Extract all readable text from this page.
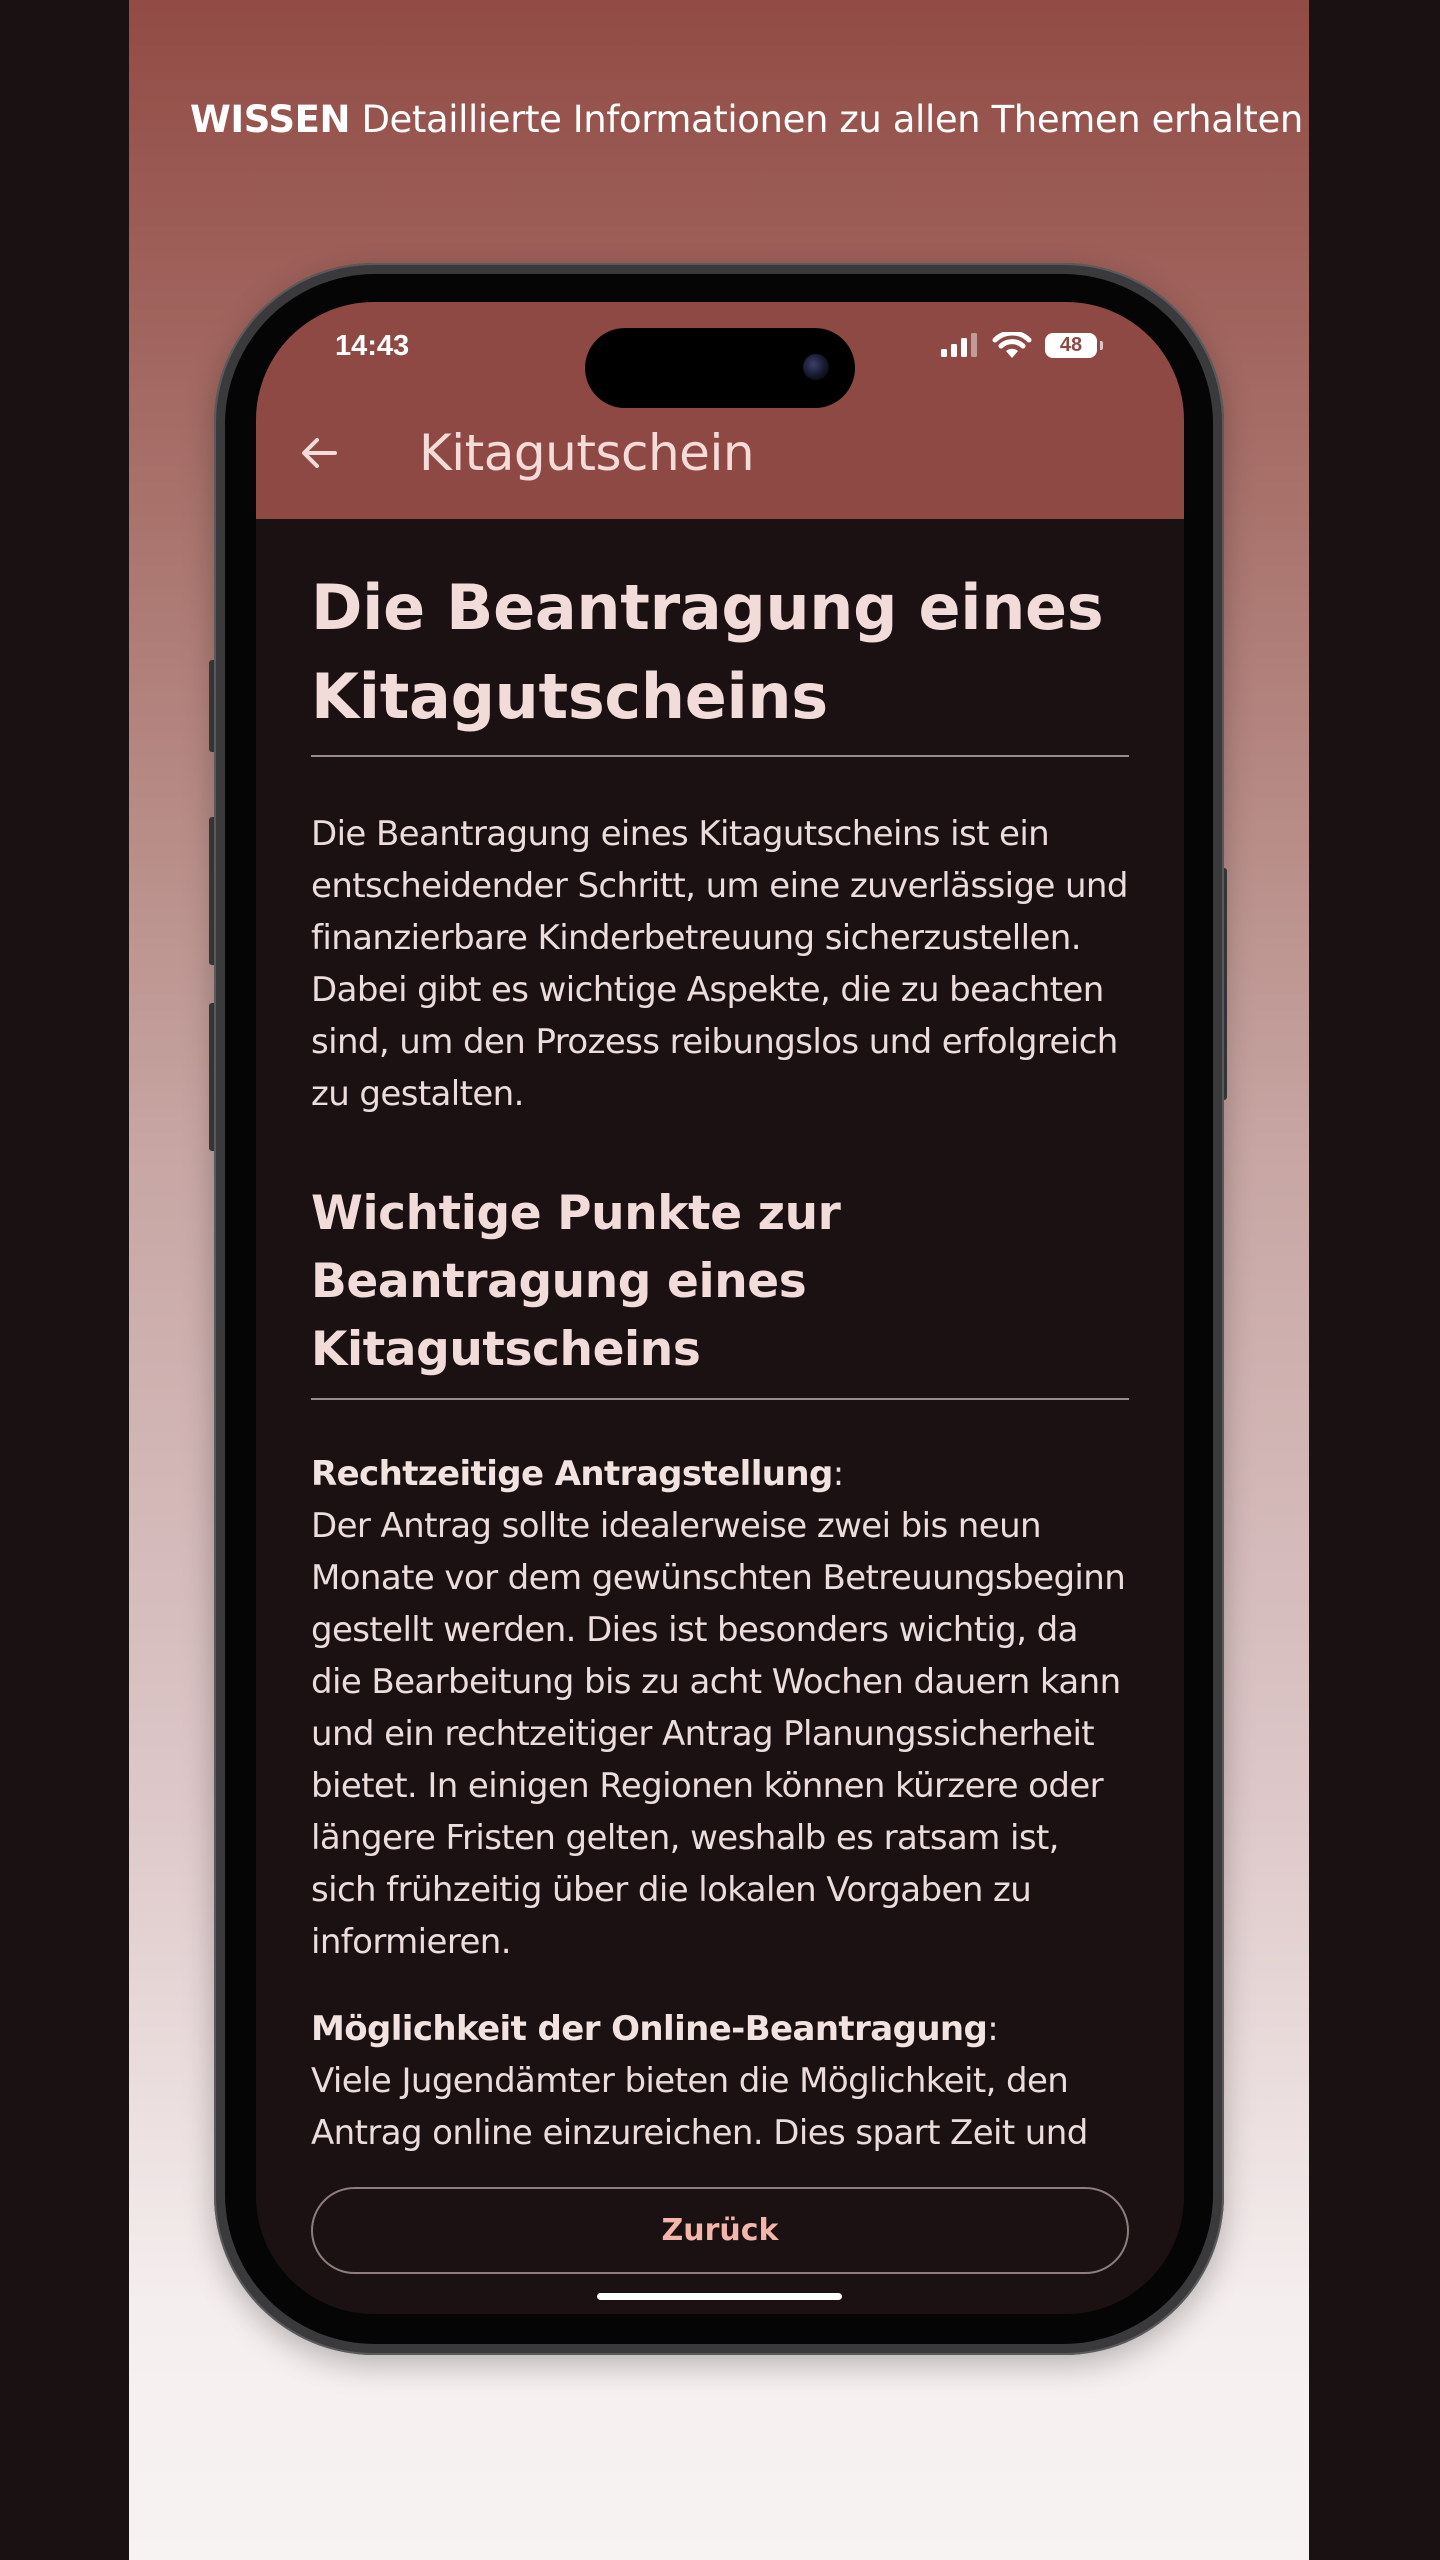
WISSEN Detaillierte Informationen zu allen Themen erhalten

14:43	48
Kitagutschein
Die Beantragung eines Kitagutscheins

Die Beantragung eines Kitagutscheins ist ein entscheidender Schritt, um eine zuverlässige und finanzierbare Kinderbetreuung sicherzustellen. Dabei gibt es wichtige Aspekte, die zu beachten sind, um den Prozess reibungslos und erfolgreich zu gestalten.

Wichtige Punkte zur Beantragung eines Kitagutscheins
Rechtzeitige Antragstellung:
Der Antrag sollte idealerweise zwei bis neun Monate vor dem gewünschten Betreuungsbeginn gestellt werden. Dies ist besonders wichtig, da die Bearbeitung bis zu acht Wochen dauern kann und ein rechtzeitiger Antrag Planungssicherheit bietet. In einigen Regionen können kürzere oder längere Fristen gelten, weshalb es ratsam ist, sich frühzeitig über die lokalen Vorgaben zu informieren.
Möglichkeit der Online-Beantragung:
Viele Jugendämter bieten die Möglichkeit, den Antrag online einzureichen. Dies spart Zeit und
Zurück
